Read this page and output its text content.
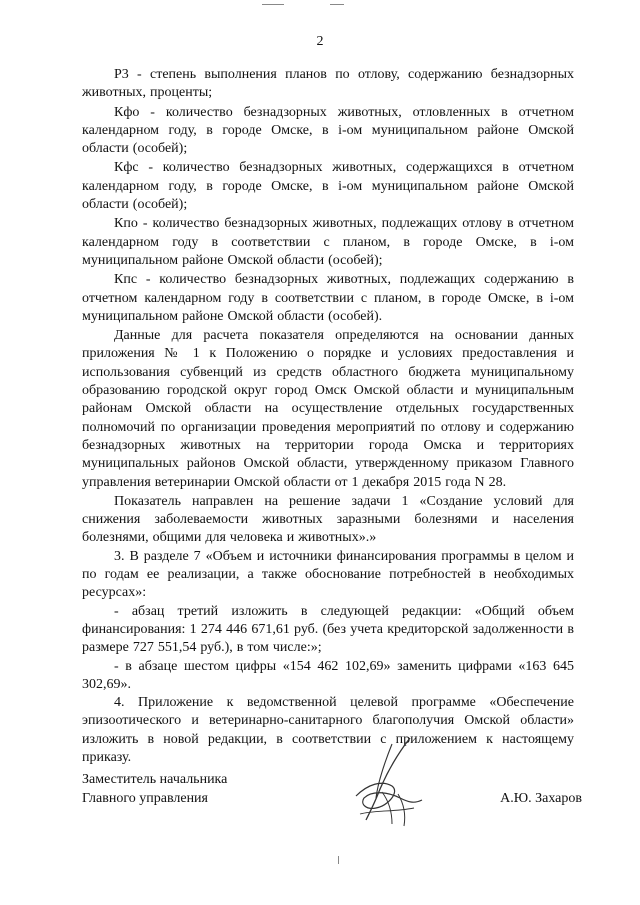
2

Р3 - степень выполнения планов по отлову, содержанию безнадзорных животных, проценты;

Кфо - количество безнадзорных животных, отловленных в отчетном календарном году, в городе Омске, в i-ом муниципальном районе Омской области (особей);

Кфс - количество безнадзорных животных, содержащихся в отчетном календарном году, в городе Омске, в i-ом муниципальном районе Омской области (особей);

Кпо - количество безнадзорных животных, подлежащих отлову в отчетном календарном году в соответствии с планом, в городе Омске, в i-ом муниципальном районе Омской области (особей);

Кпс - количество безнадзорных животных, подлежащих содержанию в отчетном календарном году в соответствии с планом, в городе Омске, в i-ом муниципальном районе Омской области (особей).

Данные для расчета показателя определяются на основании данных приложения № 1 к Положению о порядке и условиях предоставления и использования субвенций из средств областного бюджета муниципальному образованию городской округ город Омск Омской области и муниципальным районам Омской области на осуществление отдельных государственных полномочий по организации проведения мероприятий по отлову и содержанию безнадзорных животных на территории города Омска и территориях муниципальных районов Омской области, утвержденному приказом Главного управления ветеринарии Омской области от 1 декабря 2015 года N 28.

Показатель направлен на решение задачи 1 «Создание условий для снижения заболеваемости животных заразными болезнями и населения болезнями, общими для человека и животных».»

3. В разделе 7 «Объем и источники финансирования программы в целом и по годам ее реализации, а также обоснование потребностей в необходимых ресурсах»:

- абзац третий изложить в следующей редакции: «Общий объем финансирования: 1 274 446 671,61 руб. (без учета кредиторской задолженности в размере 727 551,54 руб.), в том числе:»;

- в абзаце шестом цифры «154 462 102,69» заменить цифрами «163 645 302,69».

4. Приложение к ведомственной целевой программе «Обеспечение эпизоотического и ветеринарно-санитарного благополучия Омской области» изложить в новой редакции, в соответствии с приложением к настоящему приказу.

Заместитель начальника
Главного управления	А.Ю. Захаров
